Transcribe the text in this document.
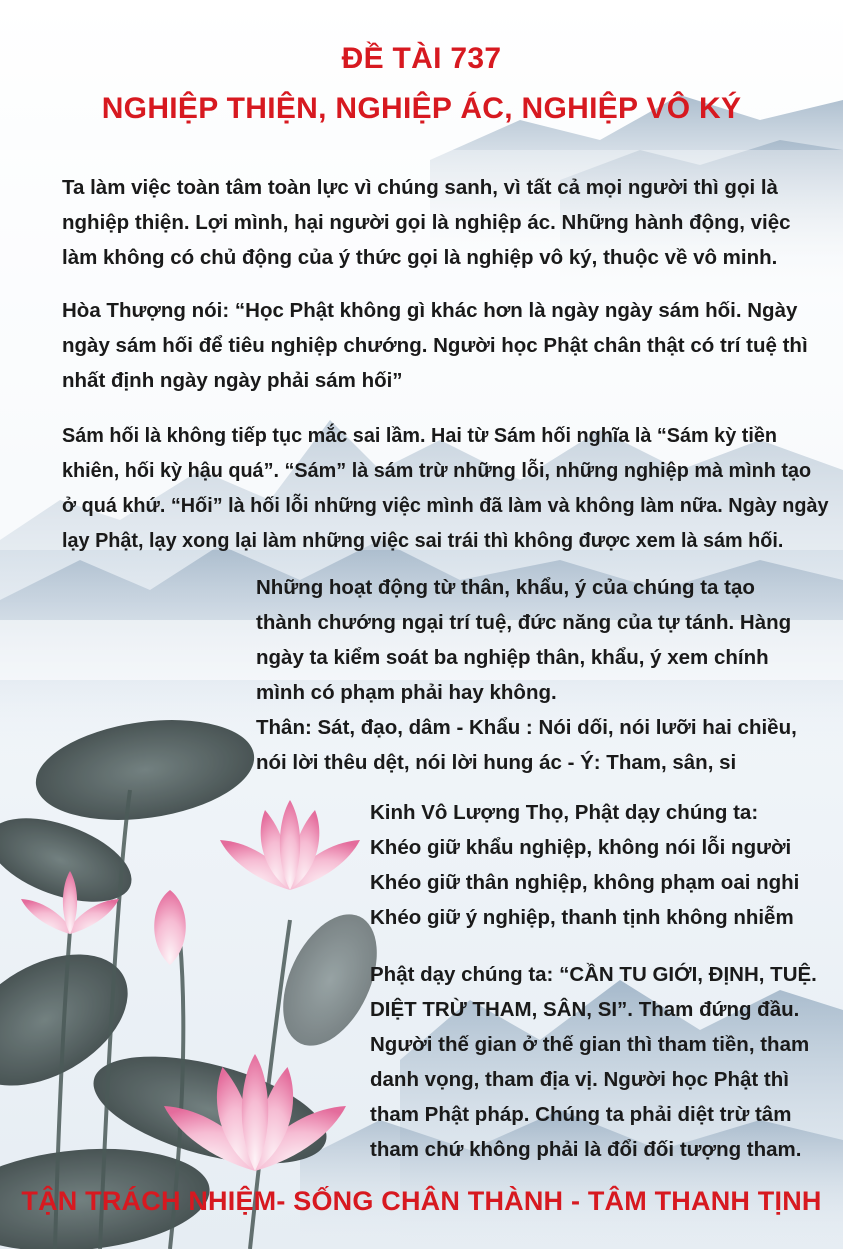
ĐỀ TÀI 737
NGHIỆP THIỆN, NGHIỆP ÁC, NGHIỆP VÔ KÝ
Ta làm việc toàn tâm toàn lực vì chúng sanh, vì tất cả mọi người thì gọi là
nghiệp thiện. Lợi mình, hại người gọi là nghiệp ác. Những hành động, việc
làm không có chủ động của ý thức gọi là nghiệp vô ký, thuộc về vô minh.
Hòa Thượng nói: “Học Phật không gì khác hơn là ngày ngày sám hối. Ngày
ngày sám hối để tiêu nghiệp chướng. Người học Phật chân thật có trí tuệ thì
nhất định ngày ngày phải sám hối”
Sám hối là không tiếp tục mắc sai lầm. Hai từ Sám hối nghĩa là “Sám kỳ tiền
khiên, hối kỳ hậu quá”. “Sám” là sám trừ những lỗi, những nghiệp mà mình tạo
ở quá khứ. “Hối” là hối lỗi những việc mình đã làm và không làm nữa. Ngày ngày
lạy Phật, lạy xong lại làm những việc sai trái thì không được xem là sám hối.
Những hoạt động từ thân, khẩu, ý của chúng ta tạo
thành chướng ngại trí tuệ, đức năng của tự tánh. Hàng
ngày ta kiểm soát ba nghiệp thân, khẩu, ý xem chính
mình có phạm phải hay không.
Thân: Sát, đạo, dâm - Khẩu : Nói dối, nói lưỡi hai chiều,
nói lời thêu dệt, nói lời hung ác - Ý: Tham, sân, si
Kinh Vô Lượng Thọ, Phật dạy chúng ta:
Khéo giữ khẩu nghiệp, không nói lỗi người
Khéo giữ thân nghiệp, không phạm oai nghi
Khéo giữ ý nghiệp, thanh tịnh không nhiễm
Phật dạy chúng ta: “CẦN TU GIỚI, ĐỊNH, TUỆ.
DIỆT TRỪ THAM, SÂN, SI”. Tham đứng đầu.
Người thế gian ở thế gian thì tham tiền, tham
danh vọng, tham địa vị. Người học Phật thì
tham Phật pháp. Chúng ta phải diệt trừ tâm
tham chứ không phải là đổi đối tượng tham.
TẬN TRÁCH NHIỆM- SỐNG CHÂN THÀNH - TÂM THANH TỊNH
